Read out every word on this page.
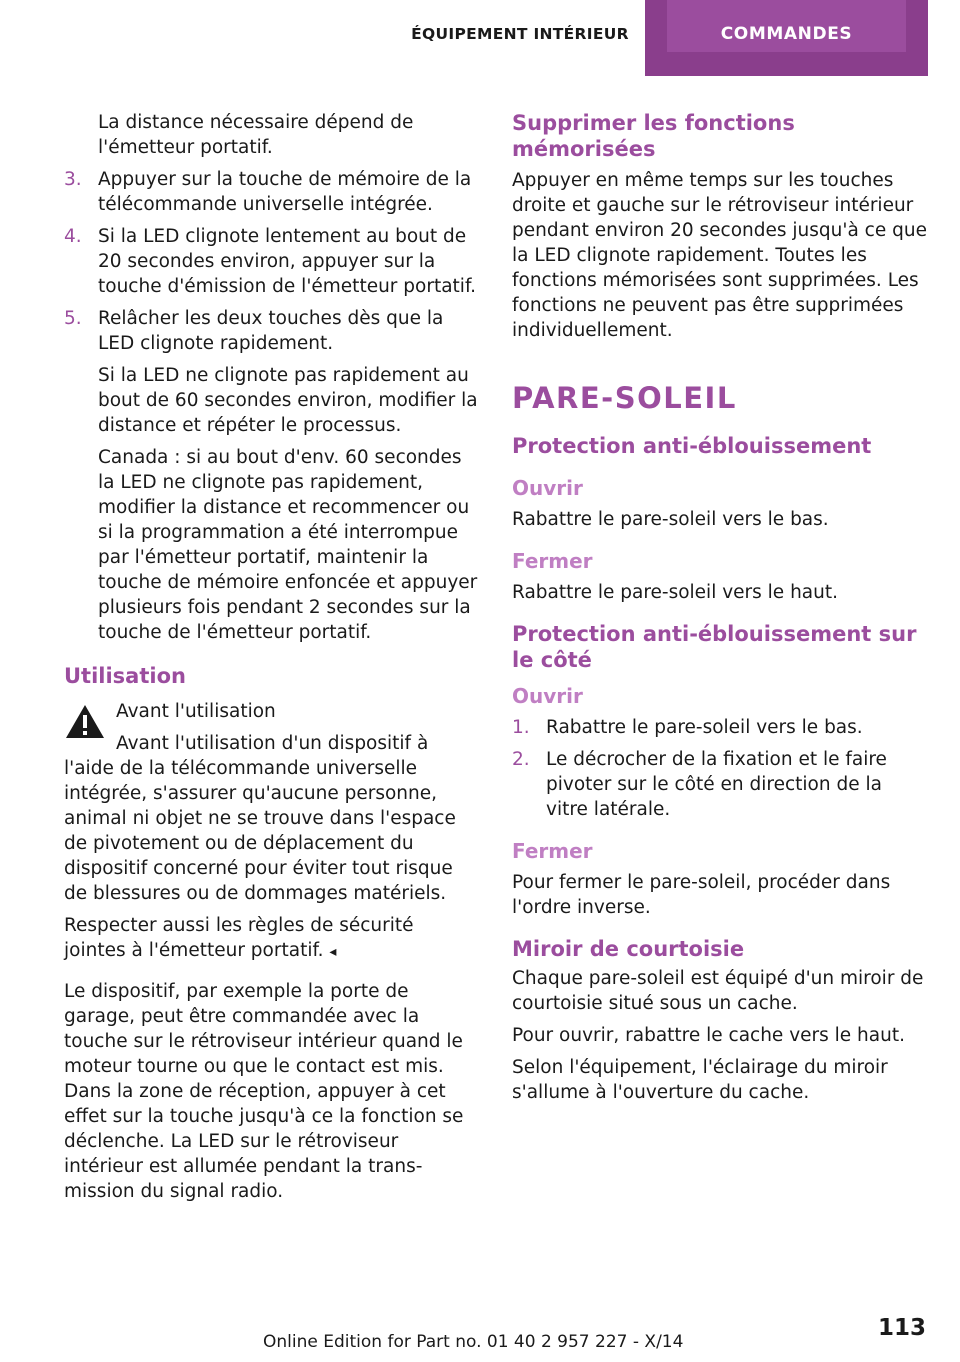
ÉQUIPEMENT INTÉRIEUR	COMMANDES

La distance nécessaire dépend de l'émetteur portatif.

3. Appuyer sur la touche de mémoire de la télécommande universelle intégrée.
4. Si la LED clignote lentement au bout de 20 secondes environ, appuyer sur la touche d'émission de l'émetteur portatif.
5. Relâcher les deux touches dès que la LED clignote rapidement.

Si la LED ne clignote pas rapidement au bout de 60 secondes environ, modifier la distance et répéter le processus.

Canada : si au bout d'env. 60 secondes la LED ne clignote pas rapidement, modifier la distance et recommencer ou si la programmation a été interrompue par l'émetteur portatif, maintenir la touche de mémoire enfoncée et appuyer plusieurs fois pendant 2 secondes sur la touche de l'émetteur portatif.

Utilisation

Avant l'utilisation

Avant l'utilisation d'un dispositif à l'aide de la télécommande universelle intégrée, s'assurer qu'aucune personne, animal ni objet ne se trouve dans l'espace de pivotement ou de déplacement du dispositif concerné pour éviter tout risque de blessures ou de dommages matériels.

Respecter aussi les règles de sécurité jointes à l'émetteur portatif. ◂

Le dispositif, par exemple la porte de garage, peut être commandée avec la touche sur le rétroviseur intérieur quand le moteur tourne ou que le contact est mis. Dans la zone de réception, appuyer à cet effet sur la touche jusqu'à ce la fonction se déclenche. La LED sur le rétroviseur intérieur est allumée pendant la transmission du signal radio.

Supprimer les fonctions mémorisées

Appuyer en même temps sur les touches droite et gauche sur le rétroviseur intérieur pendant environ 20 secondes jusqu'à ce que la LED clignote rapidement. Toutes les fonctions mémorisées sont supprimées. Les fonctions ne peuvent pas être supprimées individuellement.

PARE-SOLEIL
Protection anti-éblouissement
Ouvrir

Rabattre le pare-soleil vers le bas.

Fermer

Rabattre le pare-soleil vers le haut.

Protection anti-éblouissement sur le côté
Ouvrir
1. Rabattre le pare-soleil vers le bas.
2. Le décrocher de la fixation et le faire pivoter sur le côté en direction de la vitre latérale.
Fermer

Pour fermer le pare-soleil, procéder dans l'ordre inverse.

Miroir de courtoisie

Chaque pare-soleil est équipé d'un miroir de courtoisie situé sous un cache.

Pour ouvrir, rabattre le cache vers le haut.

Selon l'équipement, l'éclairage du miroir s'allume à l'ouverture du cache.

113
Online Edition for Part no. 01 40 2 957 227 - X/14
